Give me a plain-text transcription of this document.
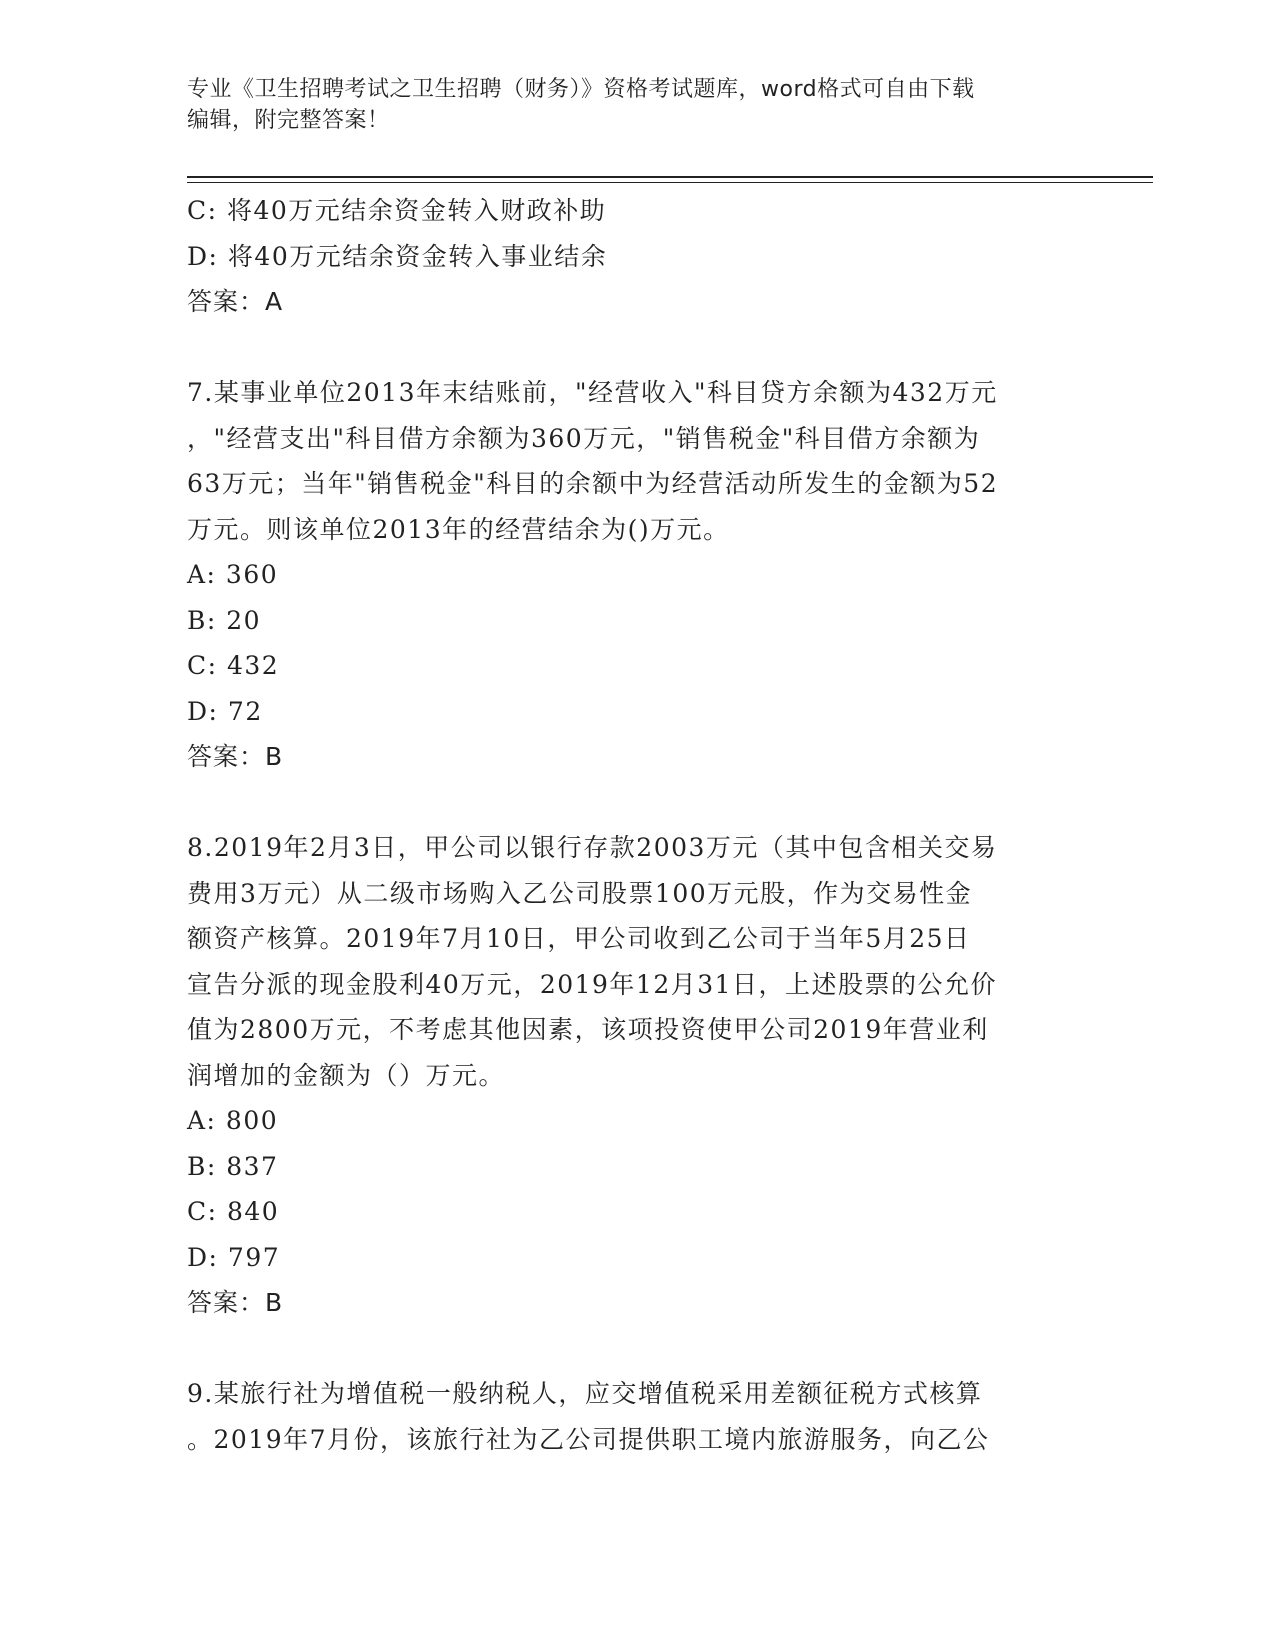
专业《卫生招聘考试之卫生招聘（财务）》资格考试题库，word格式可自由下载
编辑，附完整答案！
C: 将40万元结余资金转入财政补助
D: 将40万元结余资金转入事业结余
答案：A
7.某事业单位2013年末结账前，"经营收入"科目贷方余额为432万元
，"经营支出"科目借方余额为360万元，"销售税金"科目借方余额为
63万元；当年"销售税金"科目的余额中为经营活动所发生的金额为52
万元。则该单位2013年的经营结余为()万元。
A: 360
B: 20
C: 432
D: 72
答案：B
8.2019年2月3日，甲公司以银行存款2003万元（其中包含相关交易
费用3万元）从二级市场购入乙公司股票100万元股，作为交易性金
额资产核算。2019年7月10日，甲公司收到乙公司于当年5月25日
宣告分派的现金股利40万元，2019年12月31日，上述股票的公允价
值为2800万元，不考虑其他因素，该项投资使甲公司2019年营业利
润增加的金额为（）万元。
A: 800
B: 837
C: 840
D: 797
答案：B
9.某旅行社为增值税一般纳税人，应交增值税采用差额征税方式核算
。2019年7月份，该旅行社为乙公司提供职工境内旅游服务，向乙公
